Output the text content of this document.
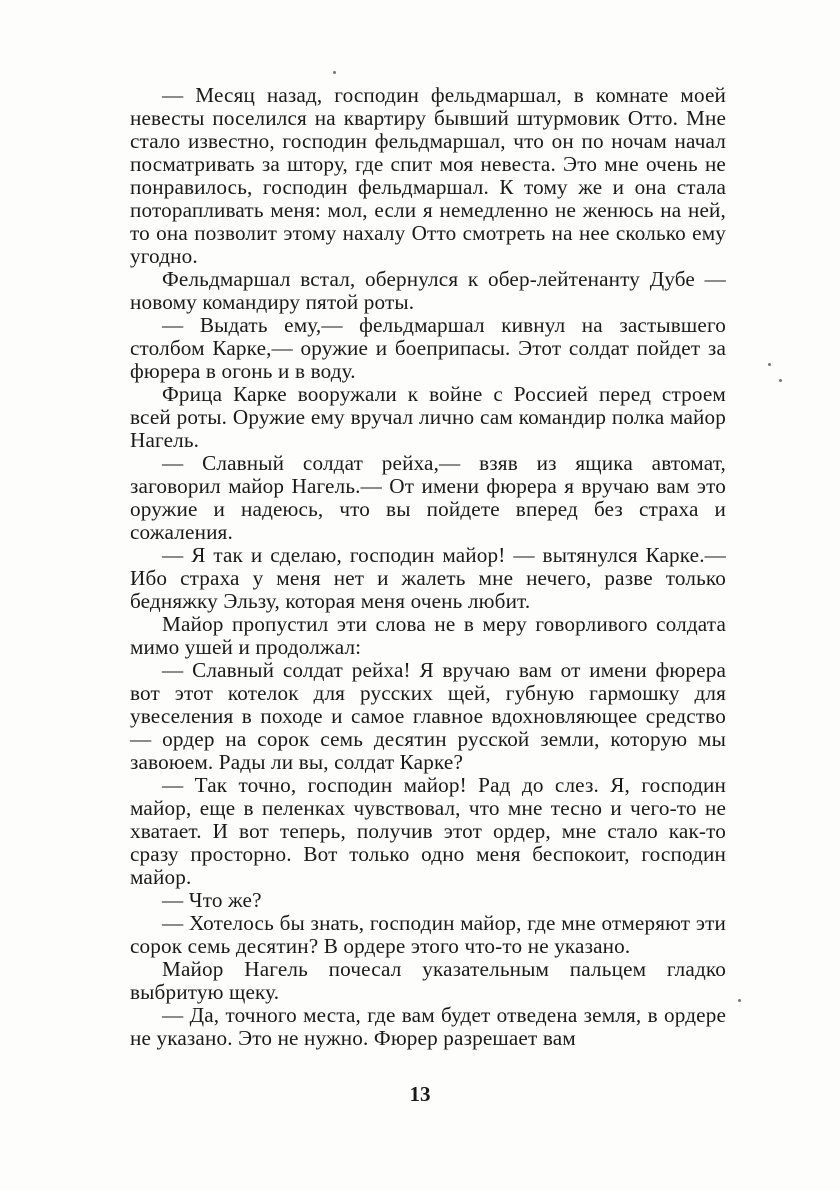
— Месяц назад, господин фельдмаршал, в комнате моей невесты поселился на квартиру бывший штурмовик Отто. Мне стало известно, господин фельдмаршал, что он по ночам начал посматривать за штору, где спит моя невеста. Это мне очень не понравилось, господин фельдмаршал. К тому же и она стала поторапливать меня: мол, если я немедленно не женюсь на ней, то она позволит этому нахалу Отто смотреть на нее сколько ему угодно.

Фельдмаршал встал, обернулся к обер-лейтенанту Дубе — новому командиру пятой роты.

— Выдать ему,— фельдмаршал кивнул на застывшего столбом Карке,— оружие и боеприпасы. Этот солдат пойдет за фюрера в огонь и в воду.

Фрица Карке вооружали к войне с Россией перед строем всей роты. Оружие ему вручал лично сам командир полка майор Нагель.

— Славный солдат рейха,— взяв из ящика автомат, заговорил майор Нагель.— От имени фюрера я вручаю вам это оружие и надеюсь, что вы пойдете вперед без страха и сожаления.

— Я так и сделаю, господин майор! — вытянулся Карке.— Ибо страха у меня нет и жалеть мне нечего, разве только бедняжку Эльзу, которая меня очень любит.

Майор пропустил эти слова не в меру говорливого солдата мимо ушей и продолжал:

— Славный солдат рейха! Я вручаю вам от имени фюрера вот этот котелок для русских щей, губную гармошку для увеселения в походе и самое главное вдохновляющее средство — ордер на сорок семь десятин русской земли, которую мы завоюем. Рады ли вы, солдат Карке?

— Так точно, господин майор! Рад до слез. Я, господин майор, еще в пеленках чувствовал, что мне тесно и чего-то не хватает. И вот теперь, получив этот ордер, мне стало как-то сразу просторно. Вот только одно меня беспокоит, господин майор.

— Что же?

— Хотелось бы знать, господин майор, где мне отмеряют эти сорок семь десятин? В ордере этого что-то не указано.

Майор Нагель почесал указательным пальцем гладко выбритую щеку.

— Да, точного места, где вам будет отведена земля, в ордере не указано. Это не нужно. Фюрер разрешает вам

13
